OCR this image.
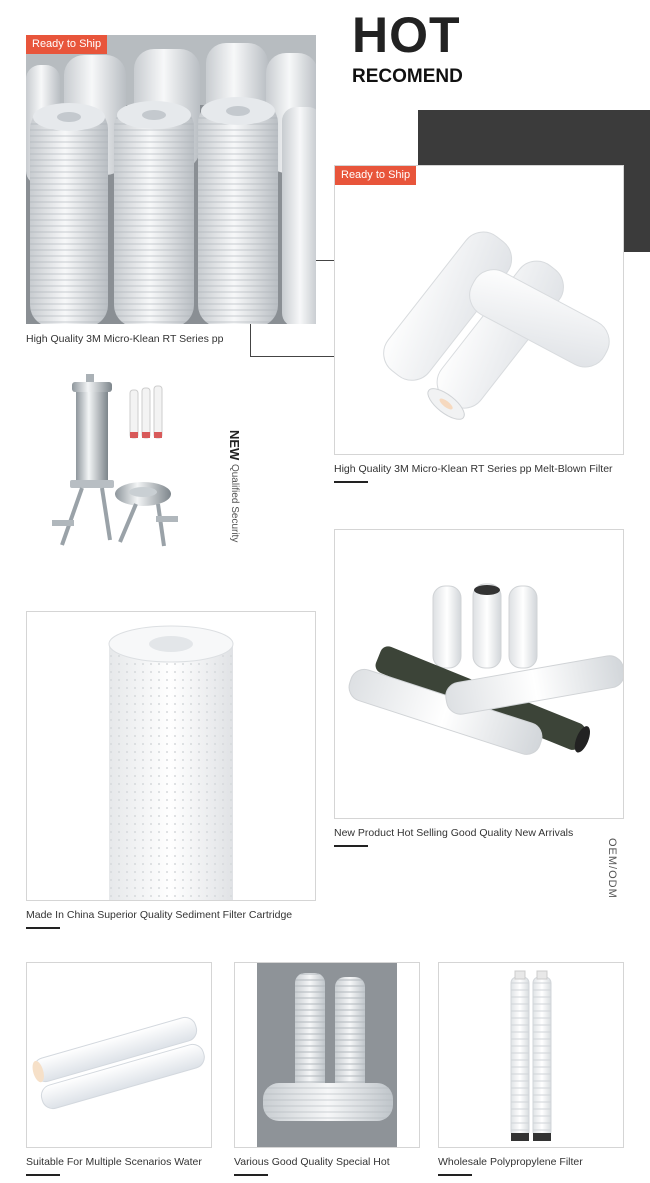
HOT
RECOMEND
Ready to Ship
High Quality 3M Micro-Klean RT Series pp
Ready to Ship
High Quality 3M Micro-Klean RT Series pp Melt-Blown Filter
NEW Qualified Security
New Product Hot Selling Good Quality New Arrivals
OEM/ODM
Made In China Superior Quality Sediment Filter Cartridge
Suitable For Multiple Scenarios Water	Various Good Quality Special Hot	Wholesale Polypropylene Filter
